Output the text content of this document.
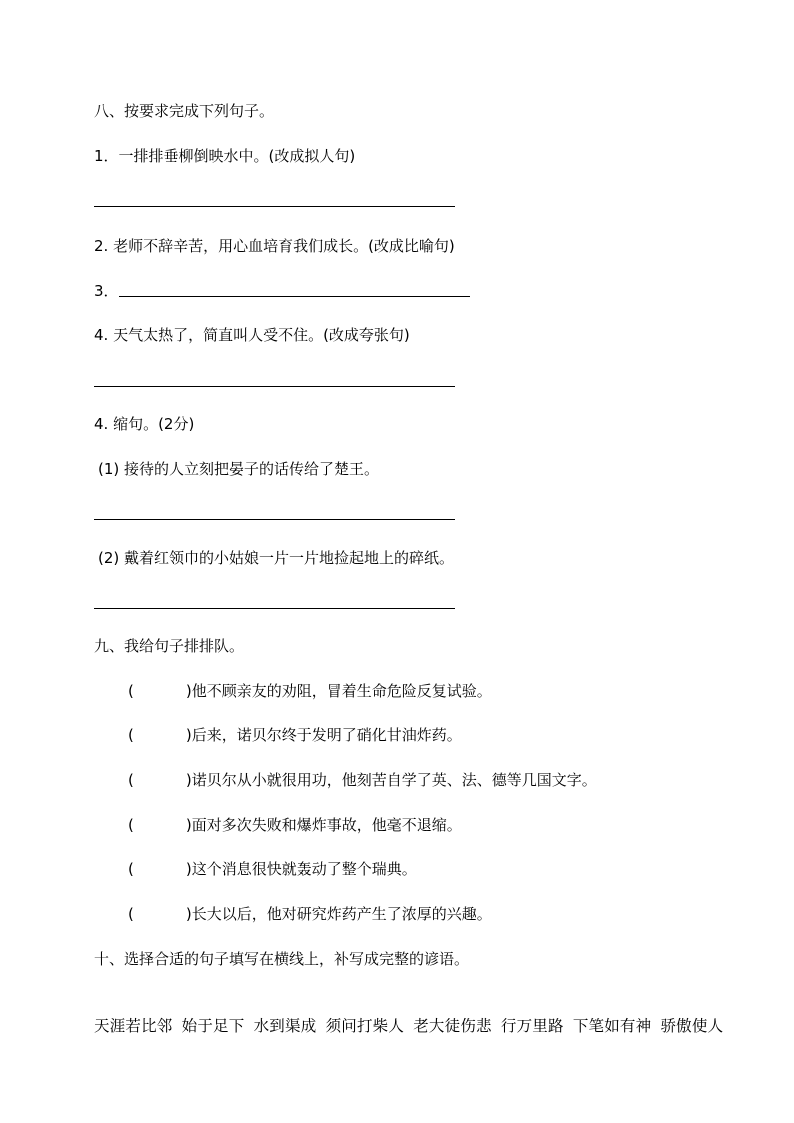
八、按要求完成下列句子。
1．一排排垂柳倒映水中。(改成拟人句)
2. 老师不辞辛苦，用心血培育我们成长。(改成比喻句)
3．
4. 天气太热了，简直叫人受不住。(改成夸张句)
4. 缩句。(2分)
(1) 接待的人立刻把晏子的话传给了楚王。
(2) 戴着红领巾的小姑娘一片一片地捡起地上的碎纸。
九、我给句子排排队。
(	)他不顾亲友的劝阻，冒着生命危险反复试验。
(	)后来，诺贝尔终于发明了硝化甘油炸药。
(	)诺贝尔从小就很用功，他刻苦自学了英、法、德等几国文字。
(	)面对多次失败和爆炸事故，他毫不退缩。
(	)这个消息很快就轰动了整个瑞典。
(	)长大以后，他对研究炸药产生了浓厚的兴趣。
十、选择合适的句子填写在横线上，补写成完整的谚语。
天涯若比邻 始于足下 水到渠成 须问打柴人 老大徒伤悲 行万里路 下笔如有神 骄傲使人
